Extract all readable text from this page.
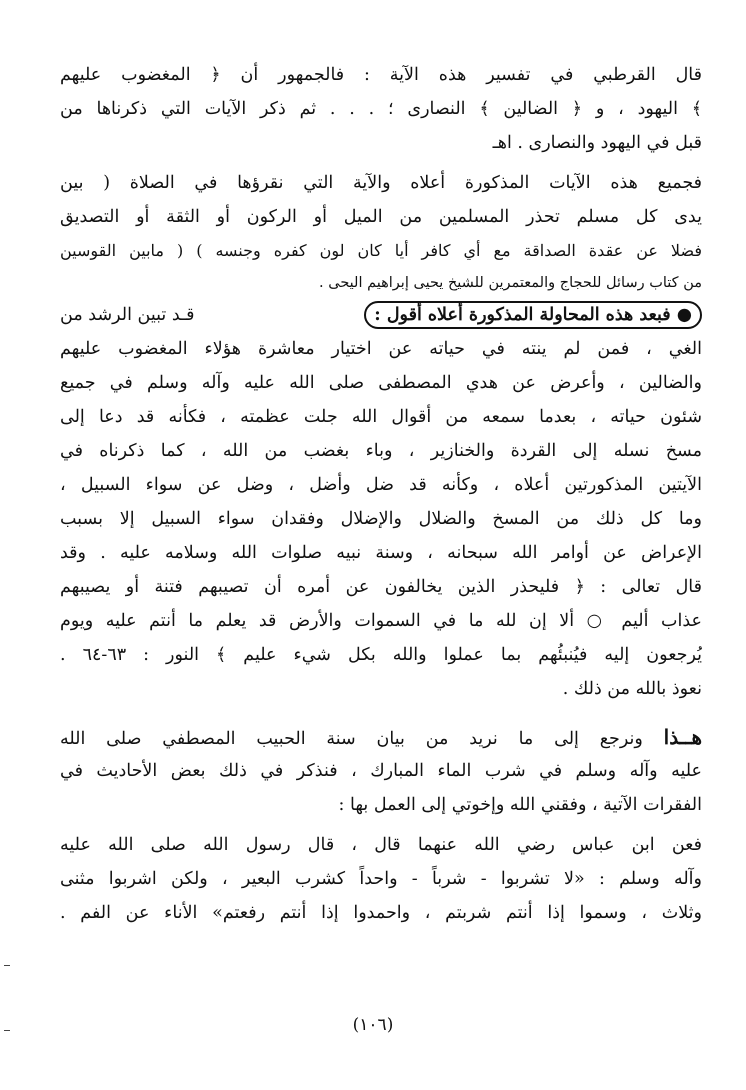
قال القرطبي في تفسير هذه الآية : فالجمهور أن ﴿ المغضوب عليهم
﴾ اليهود ، و ﴿ الضالين ﴾ النصارى ؛ . . . ثم ذكر الآيات التي ذكرناها من
قبل في اليهود والنصارى . اهـ
فجميع هذه الآيات المذكورة أعلاه والآية التي نقرؤها في الصلاة ( بين
يدى كل مسلم تحذر المسلمين من الميل أو الركون أو الثقة أو التصديق
فضلا عن عقدة الصداقة مع أي كافر أيا كان لون كفره وجنسه ) ( مابين القوسين
من كتاب رسائل للحجاج والمعتمرين للشيخ يحيى إبراهيم اليحى .
● فبعد هذه المحاولة المذكورة أعلاه أقول :
قـد تبين الرشد من
الغي ، فمن لم ينته في حياته عن اختيار معاشرة هؤلاء المغضوب عليهم
والضالين ، وأعرض عن هدي المصطفى صلى الله عليه وآله وسلم في جميع
شئون حياته ، بعدما سمعه من أقوال الله جلت عظمته ، فكأنه قد دعا إلى
مسخ نسله إلى القردة والخنازير ، وباء بغضب من الله ، كما ذكرناه في
الآيتين المذكورتين أعلاه ، وكأنه قد ضل وأضل ، وضل عن سواء السبيل ،
وما كل ذلك من المسخ والضلال والإضلال وفقدان سواء السبيل إلا بسبب
الإعراض عن أوامر الله سبحانه ، وسنة نبيه صلوات الله وسلامه عليه . وقد
قال تعالى : ﴿ فليحذر الذين يخالفون عن أمره أن تصيبهم فتنة أو يصيبهم
عذاب أليم ○ ألا إن لله ما في السموات والأرض قد يعلم ما أنتم عليه ويوم
يُرجعون إليه فيُنبئُهم بما عملوا والله بكل شيء عليم ﴾ النور : ٦٣-٦٤ .
نعوذ بالله من ذلك .
هــذا ونرجع إلى ما نريد من بيان سنة الحبيب المصطفي صلى الله
عليه وآله وسلم في شرب الماء المبارك ، فنذكر في ذلك بعض الأحاديث في
الفقرات الآتية ، وفقني الله وإخوتي إلى العمل بها :
فعن ابن عباس رضي الله عنهما قال ، قال رسول الله صلى الله عليه
وآله وسلم : «لا تشربوا - شرباً - واحداً كشرب البعير ، ولكن اشربوا مثنى
وثلاث ، وسموا إذا أنتم شربتم ، واحمدوا إذا أنتم رفعتم» الأناء عن الفم .
(١٠٦)
